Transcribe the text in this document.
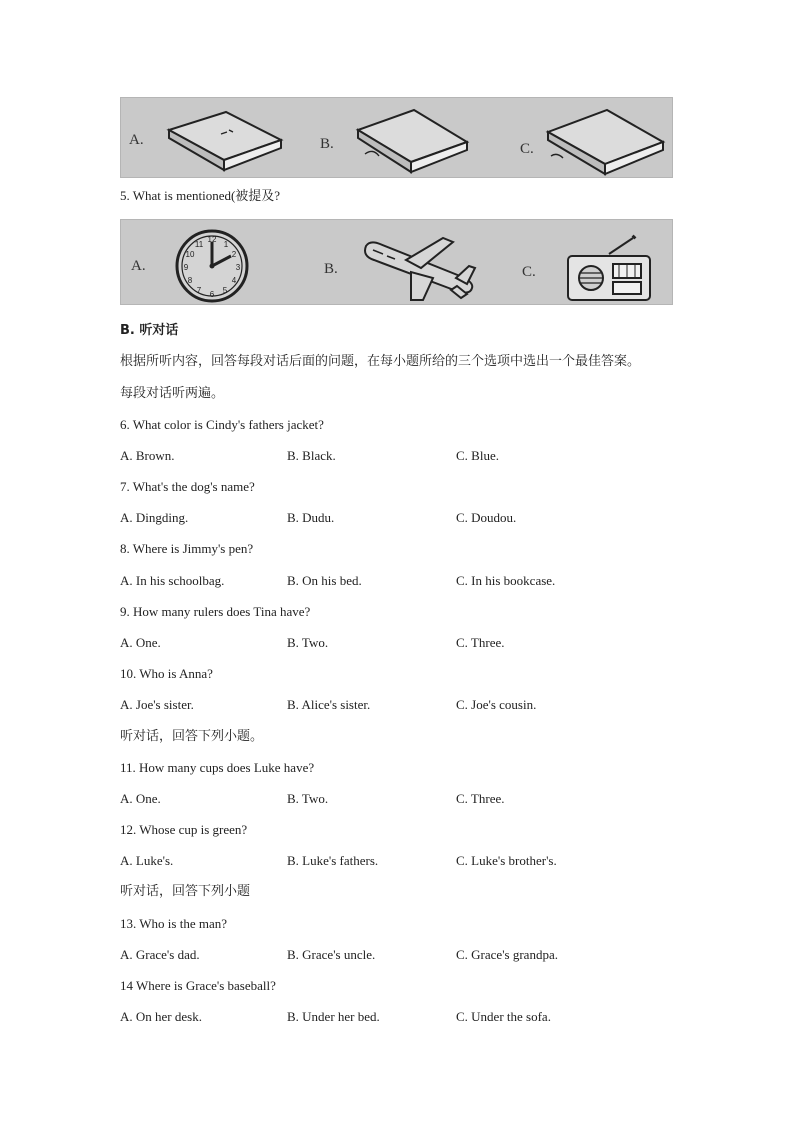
A.	B.	C.
5. What is mentioned(被提及?
A.
12
1
2
3
4
5
6
7
8
9
10
11
B.	C.
B. 听对话
根据所听内容，回答每段对话后面的问题，在每小题所给的三个选项中选出一个最佳答案。
每段对话听两遍。
6. What color is Cindy's fathers jacket?
A. Brown.	B. Black.	C. Blue.
7. What's the dog's name?
A. Dingding.	B. Dudu.	C. Doudou.
8. Where is Jimmy's pen?
A. In his schoolbag.	B. On his bed.	C. In his bookcase.
9. How many rulers does Tina have?
A. One.	B. Two.	C. Three.
10. Who is Anna?
A. Joe's sister.	B. Alice's sister.	C. Joe's cousin.
听对话，回答下列小题。
11. How many cups does Luke have?
A. One.	B. Two.	C. Three.
12. Whose cup is green?
A. Luke's.	B. Luke's fathers.	C. Luke's brother's.
听对话，回答下列小题
13. Who is the man?
A. Grace's dad.	B. Grace's uncle.	C. Grace's grandpa.
14 Where is Grace's baseball?
A. On her desk.	B. Under her bed.	C. Under the sofa.
